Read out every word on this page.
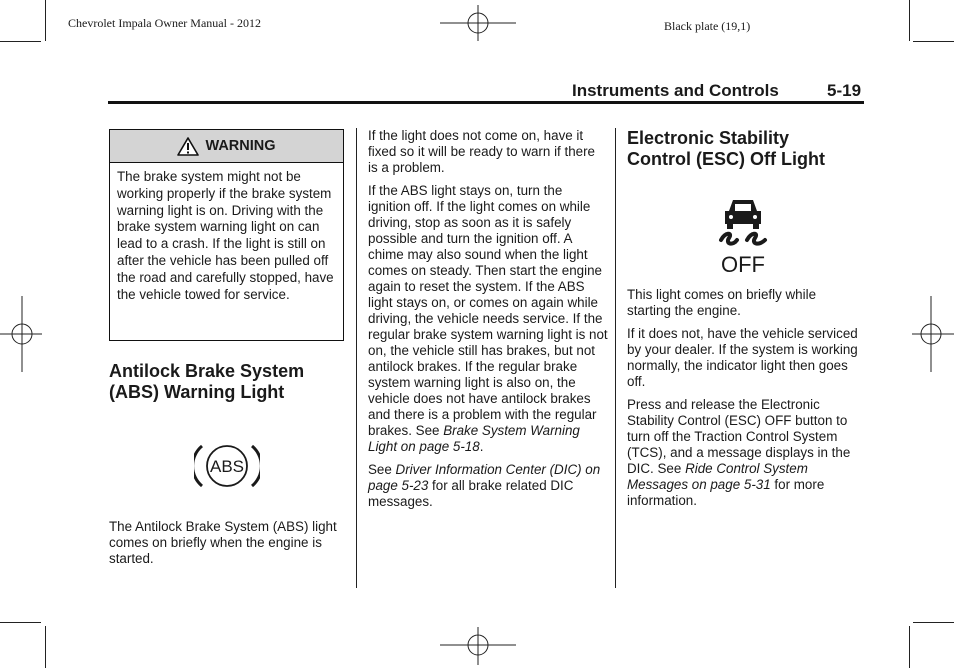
Chevrolet Impala Owner Manual - 2012	Black plate (19,1)
Instruments and Controls	5-19
WARNING
The brake system might not be working properly if the brake system warning light is on. Driving with the brake system warning light on can lead to a crash. If the light is still on after the vehicle has been pulled off the road and carefully stopped, have the vehicle towed for service.
Antilock Brake System
(ABS) Warning Light
ABS
The Antilock Brake System (ABS) light comes on briefly when the engine is started.

If the light does not come on, have it fixed so it will be ready to warn if there is a problem.

If the ABS light stays on, turn the ignition off. If the light comes on while driving, stop as soon as it is safely possible and turn the ignition off. A chime may also sound when the light comes on steady. Then start the engine again to reset the system. If the ABS light stays on, or comes on again while driving, the vehicle needs service. If the regular brake system warning light is not on, the vehicle still has brakes, but not antilock brakes. If the regular brake system warning light is also on, the vehicle does not have antilock brakes and there is a problem with the regular brakes. See Brake System Warning Light on page 5-18.

See Driver Information Center (DIC) on page 5-23 for all brake related DIC messages.

Electronic Stability
Control (ESC) Off Light
OFF

This light comes on briefly while starting the engine.

If it does not, have the vehicle serviced by your dealer. If the system is working normally, the indicator light then goes off.

Press and release the Electronic Stability Control (ESC) OFF button to turn off the Traction Control System (TCS), and a message displays in the DIC. See Ride Control System Messages on page 5-31 for more information.
